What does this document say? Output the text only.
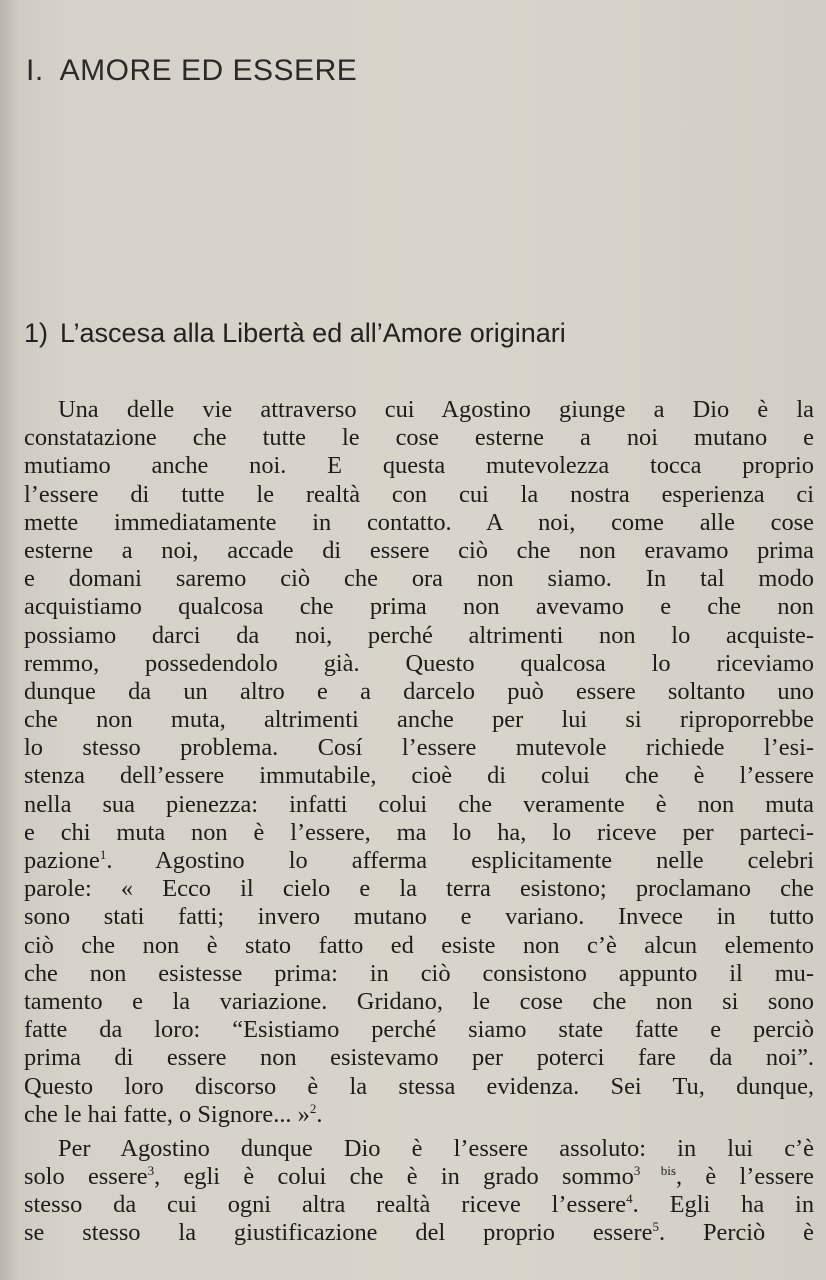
I. AMORE ED ESSERE
1) L’ascesa alla Libertà ed all’Amore originari
Una delle vie attraverso cui Agostino giunge a Dio è la
constatazione che tutte le cose esterne a noi mutano e
mutiamo anche noi. E questa mutevolezza tocca proprio
l’essere di tutte le realtà con cui la nostra esperienza ci
mette immediatamente in contatto. A noi, come alle cose
esterne a noi, accade di essere ciò che non eravamo prima
e domani saremo ciò che ora non siamo. In tal modo
acquistiamo qualcosa che prima non avevamo e che non
possiamo darci da noi, perché altrimenti non lo acquiste-
remmo, possedendolo già. Questo qualcosa lo riceviamo
dunque da un altro e a darcelo può essere soltanto uno
che non muta, altrimenti anche per lui si riproporrebbe
lo stesso problema. Cosí l’essere mutevole richiede l’esi-
stenza dell’essere immutabile, cioè di colui che è l’essere
nella sua pienezza: infatti colui che veramente è non muta
e chi muta non è l’essere, ma lo ha, lo riceve per parteci-
pazione$^1$. Agostino lo afferma esplicitamente nelle celebri
parole: « Ecco il cielo e la terra esistono; proclamano che
sono stati fatti; invero mutano e variano. Invece in tutto
ciò che non è stato fatto ed esiste non c’è alcun elemento
che non esistesse prima: in ciò consistono appunto il mu-
tamento e la variazione. Gridano, le cose che non si sono
fatte da loro: “Esistiamo perché siamo state fatte e perciò
prima di essere non esistevamo per poterci fare da noi”.
Questo loro discorso è la stessa evidenza. Sei Tu, dunque,
che le hai fatte, o Signore... »$^2$.
Per Agostino dunque Dio è l’essere assoluto: in lui c’è
solo essere$^3$, egli è colui che è in grado sommo$^{3 bis}$, è l’essere
stesso da cui ogni altra realtà riceve l’essere$^4$. Egli ha in
se stesso la giustificazione del proprio essere$^5$. Perciò è
